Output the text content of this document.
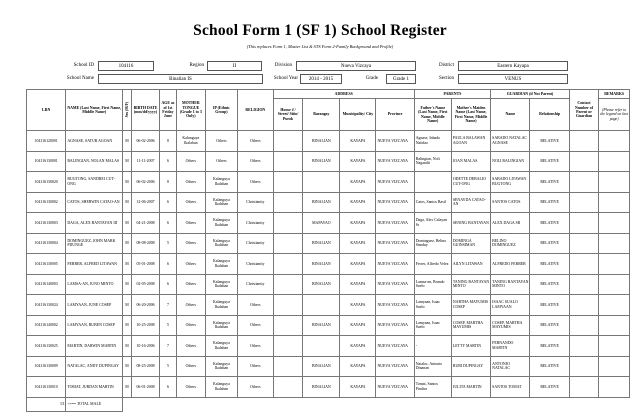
School Form 1 (SF 1) School Register
(This replaces Form 1, Master List & STS Form 2-Family Background and Profile)
School ID	104116	Region	II	Division	Nueva Vizcaya	District	Eastern Kayapa
School Name	Binalian IS	School Year	2014 - 2015	Grade	Grade 1	Section	VENUS
LRN	NAME (Last Name, First Name, Middle Name)	Sex (M/F)	BIRTH DATE (mm/dd/yyyy)	AGE as of 1st Friday June	MOTHER TONGUE (Grade 1 to 3 Only)	IP (Ethnic Group)	RELIGION	ADDRESS				PARENTS		GUARDIAN (if Not Parent)		Contact Number of Parent or Guardian	REMARKS
								House # / Street/ Sitio/ Purok	Barangay	Municipality/ City	Province	Father's Name (Last Name, First Name, Middle Name)	Mother's Maiden Name (Last Name, First Name, Middle Name)	Name	Relationship		(Please refer to the legend on last page)
104116120001	AGNASE, SATUR AGOAN	M	06-02-2006	8	Kalanguya Ikalahan	Others	Others		BINALIAN	KAYAPA	NUEVA VIZCAYA	Agnase, Inbado Natidao	PAULA BALAWAN AGOAN	SABADO NATALAC AGNASE	RELATIVE		
104116130001	BALINGIAN, NOLAN MALAS	M	11-11-2007	6	Others	Others	Others		BINALIAN	KAYAPA	NUEVA VIZCAYA	Balingian, Noli Nagandit	JOAN MALAS	NOLI BALINGIAN	RELATIVE		
104116130020	BUGTONG, SANDREI CUT-ONG	M	06-02-2006	8	Others	Kalanguya Ikalahan	Others			KAYAPA	NUEVA VIZCAYA		ODETTE DEBALIO CUT-ONG	SABADO LITAWAN BUGTONG	RELATIVE		
104116130002	CATOS, SHERWIN CATAO-AN	M	12-06-2007	6	Others	Kalanguya Ikalahan	Christianity		BINALIAN	KAYAPA	NUEVA VIZCAYA	Catos, Santos Basil	SENAYDA CATAO-AN	SANTOS CATOS	RELATIVE		
104116130003	DAGA, ALEX BANTAYAN III	M	04-21-2008	6	Others	Kalanguya Ikalahan	Christianity		MAPAYAO	KAYAPA	NUEVA VIZCAYA	Daga, Alex Calayan Sr	SENING BANTAYAN	ALEX DAGA SR	RELATIVE		
104116130004	DOMINGUEZ, JOHN MARK PIJUNGE	M	08-08-2008	5	Others	Kalanguya Ikalahan	Christianity		BINALIAN	KAYAPA	NUEVA VIZCAYA	Dominguez, Belino Simduy	DOMINGA GUINSIMAN	BELINO DOMINGUEZ	RELATIVE		
104116130005	FERRER, ALFRED LITAWAN	M	05-01-2008	6	Others	Kalanguya Ikalahan	Christianity		BINALIAN	KAYAPA	NUEVA VIZCAYA	Ferrer, Alfredo Velez	AILYN LITAWAN	ALFREDO FERRER	RELATIVE		
104116140003	LAMSA-AN, JUNO MINTO	M	02-05-2008	6	Others	Kalanguya Ikalahan	Christianity		BINALIAN	KAYAPA	NUEVA VIZCAYA	Lamsa-an, Brando Suelo	TANING BANTAYAN MINTO	TANING BANTAYAN MINTO	RELATIVE		
104116130024	LAMYAAN, JUNE COSEP	M	06-20-2006	7	Others	Kalanguya Ikalahan	Others			KAYAPA	NUEVA VIZCAYA	Lamyaan, Isaac Suelo	NARTHA MAYUMIS COSEP	ISAAC SUALO LAMYAAN	RELATIVE		
104116140002	LAMYAAN, RUBEN COSEP	M	10-25-2008	5	Others	Kalanguya Ikalahan	Others		BINALIAN	KAYAPA	NUEVA VIZCAYA	Lamyaan, Isaac Suelo	COSEP, MARTHA MAYUMIS	COSEP, MARTHA MAYUMIS	RELATIVE		
104116130025	MARTIN, DARWIN MARTIN	M	10-16-2006	7	Others	Kalanguya Ikalahan	Others			KAYAPA	NUEVA VIZCAYA	-	LETTY MARTIN	FERNANDO MARTIN	RELATIVE		
104116130009	NATALAC, ANDY DUPINGAY	M	08-25-2008	5	Others	Kalanguya Ikalahan	Others		BINALIAN	KAYAPA	NUEVA VIZCAYA	Natalac, Antonio Dinanan	RUBI DUPINGAY	ANTONIO NATALAC	RELATIVE		
104116130010	TOMAT, JURDAN MARTIN	M	06-01-2008	6	Others	Kalanguya Ikalahan	Others		BINALIAN	KAYAPA	NUEVA VIZCAYA	Tomat, Santos Pindira	JULITA MARTIN	SANTOS TOMAT	RELATIVE		
13	<=== TOTAL MALE																
